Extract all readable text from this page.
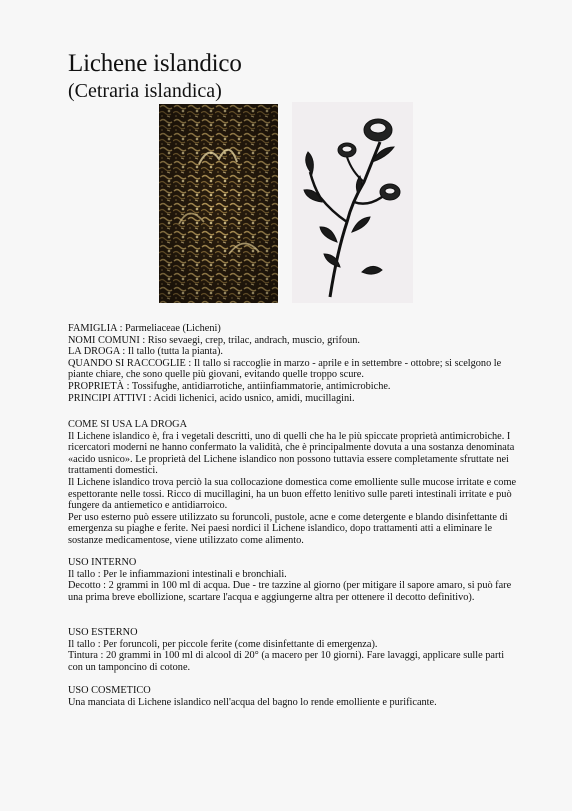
Lichene islandico
(Cetraria islandica)

FAMIGLIA : Parmeliaceae (Licheni)

NOMI COMUNI : Riso sevaegi, crep, trilac, andrach, muscio, grifoun.

LA DROGA : Il tallo (tutta la pianta).

QUANDO SI RACCOGLIE : Il tallo si raccoglie in marzo - aprile e in settembre - ottobre; si scelgono le piante chiare, che sono quelle più giovani, evitando quelle troppo scure.

PROPRIETÀ : Tossifughe, antidiarrotiche, antiinfiammatorie, antimicrobiche.

PRINCIPI ATTIVI : Acidi lichenici, acido usnico, amidi, mucillagini.

COME SI USA LA DROGA

Il Lichene islandico è, fra i vegetali descritti, uno di quelli che ha le più spiccate proprietà antimicrobiche. I ricercatori moderni ne hanno confermato la validità, che è principalmente dovuta a una sostanza denominata «acido usnico». Le proprietà del Lichene islandico non possono tuttavia essere completamente sfruttate nei trattamenti domestici.

Il Lichene islandico trova perciò la sua collocazione domestica come emolliente sulle mucose irritate e come espettorante nelle tossi. Ricco di mucillagini, ha un buon effetto lenitivo sulle pareti intestinali irritate e può fungere da antiemetico e antidiarroico.

Per uso esterno può essere utilizzato su foruncoli, pustole, acne e come detergente e blando disinfettante di emergenza su piaghe e ferite. Nei paesi nordici il Lichene islandico, dopo trattamenti atti a eliminare le sostanze medicamentose, viene utilizzato come alimento.

USO INTERNO

Il tallo : Per le infiammazioni intestinali e bronchiali.

Decotto : 2 grammi in 100 ml di acqua. Due - tre tazzine al giorno (per mitigare il sapore amaro, si può fare una prima breve ebollizione, scartare l'acqua e aggiungerne altra per ottenere il decotto definitivo).

USO ESTERNO

Il tallo : Per foruncoli, per piccole ferite (come disinfettante di emergenza).

Tintura : 20 grammi in 100 ml di alcool di 20° (a macero per 10 giorni). Fare lavaggi, applicare sulle parti con un tamponcino di cotone.

USO COSMETICO

Una manciata di Lichene islandico nell'acqua del bagno lo rende emolliente e purificante.
